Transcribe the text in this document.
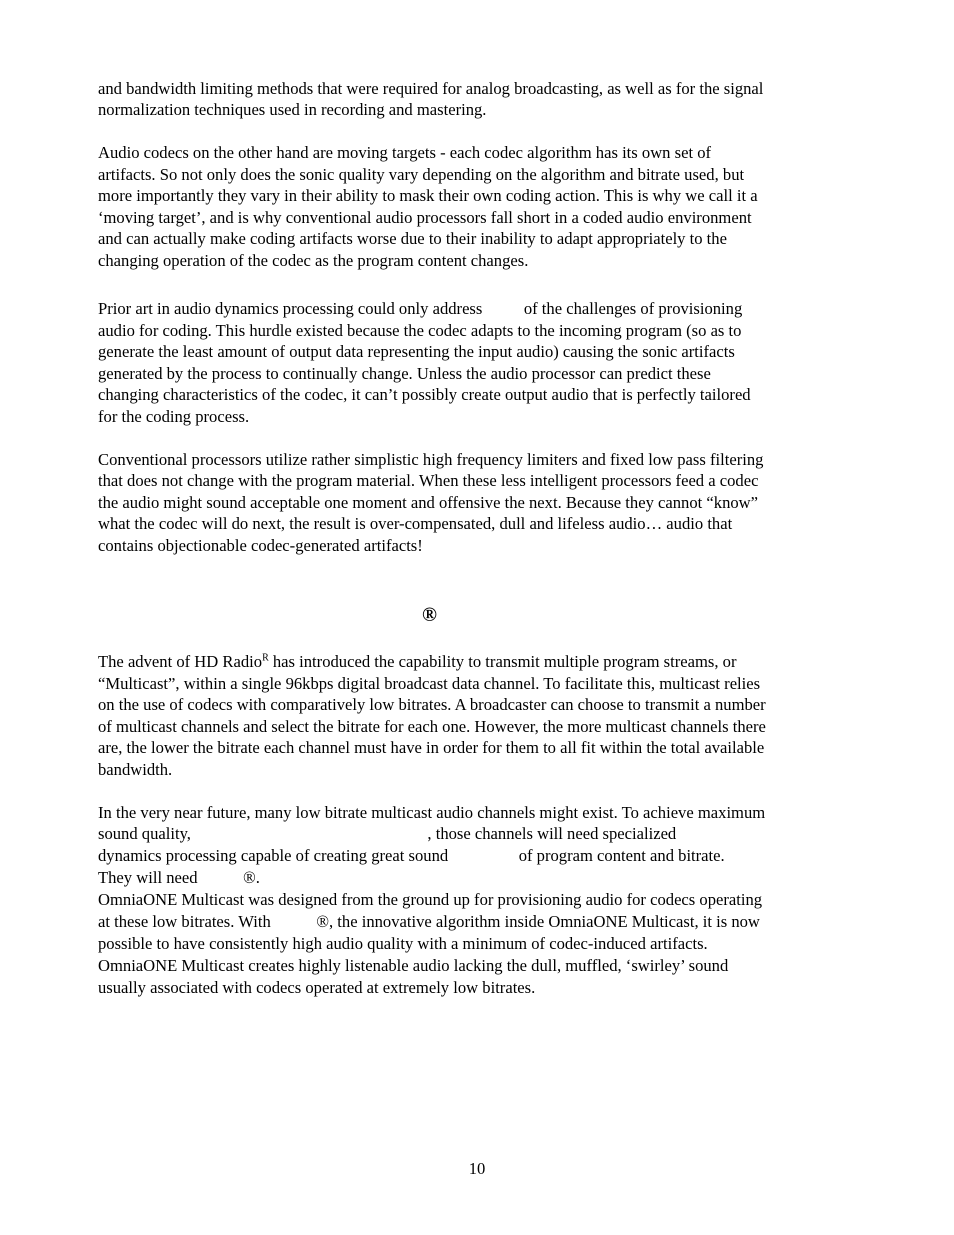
and bandwidth limiting methods that were required for analog broadcasting, as well as for the signal
normalization techniques used in recording and mastering.
Audio codecs on the other hand are moving targets - each codec algorithm has its own set of
artifacts. So not only does the sonic quality vary depending on the algorithm and bitrate used, but
more importantly they vary in their ability to mask their own coding action. This is why we call it a
‘moving target’, and is why conventional audio processors fall short in a coded audio environment
and can actually make coding artifacts worse due to their inability to adapt appropriately to the
changing operation of the codec as the program content changes.
Prior art in audio dynamics processing could only address          of the challenges of provisioning
audio for coding. This hurdle existed because the codec adapts to the incoming program (so as to
generate the least amount of output data representing the input audio) causing the sonic artifacts
generated by the process to continually change. Unless the audio processor can predict these
changing characteristics of the codec, it can’t possibly create output audio that is perfectly tailored
for the coding process.
Conventional processors utilize rather simplistic high frequency limiters and fixed low pass filtering
that does not change with the program material. When these less intelligent processors feed a codec
the audio might sound acceptable one moment and offensive the next. Because they cannot “know”
what the codec will do next, the result is over-compensated, dull and lifeless audio… audio that
contains objectionable codec-generated artifacts!
®
The advent of HD Radio$^R$ has introduced the capability to transmit multiple program streams, or
“Multicast”, within a single 96kbps digital broadcast data channel. To facilitate this, multicast relies
on the use of codecs with comparatively low bitrates. A broadcaster can choose to transmit a number
of multicast channels and select the bitrate for each one. However, the more multicast channels there
are, the lower the bitrate each channel must have in order for them to all fit within the total available
bandwidth.
In the very near future, many low bitrate multicast audio channels might exist. To achieve maximum
sound quality,                                                         , those channels will need specialized
dynamics processing capable of creating great sound                 of program content and bitrate.
They will need           ®.
OmniaONE Multicast was designed from the ground up for provisioning audio for codecs operating
at these low bitrates. With           ®, the innovative algorithm inside OmniaONE Multicast, it is now
possible to have consistently high audio quality with a minimum of codec-induced artifacts.
OmniaONE Multicast creates highly listenable audio lacking the dull, muffled, ‘swirley’ sound
usually associated with codecs operated at extremely low bitrates.
10
